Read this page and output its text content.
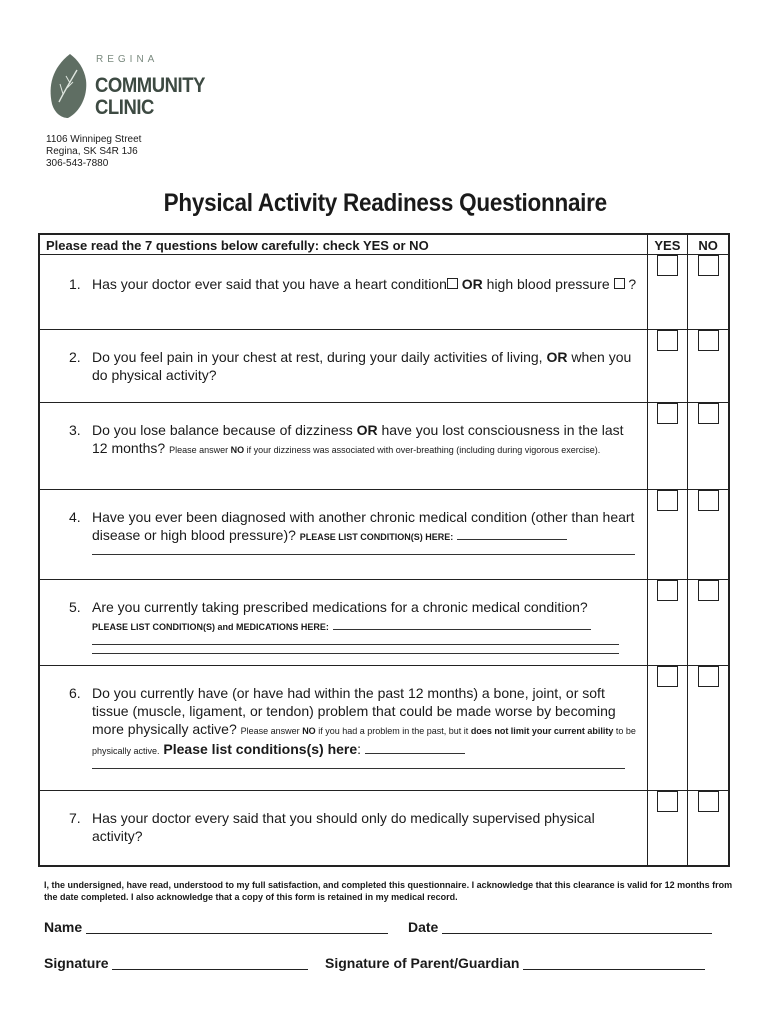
REGINA
COMMUNITY
CLINIC
1106 Winnipeg Street
Regina, SK S4R 1J6
306-543-7880
Physical Activity Readiness Questionnaire
Please read the 7 questions below carefully: check YES or NO	YES	NO

1. Has your doctor ever said that you have a heart condition OR high blood pressure ?		

2. Do you feel pain in your chest at rest, during your daily activities of living, OR when you do physical activity?		

3. Do you lose balance because of dizziness OR have you lost consciousness in the last 12 months? Please answer NO if your dizziness was associated with over-breathing (including during vigorous exercise).		

4. Have you ever been diagnosed with another chronic medical condition (other than heart disease or high blood pressure)? PLEASE LIST CONDITION(S) HERE:		

5. Are you currently taking prescribed medications for a chronic medical condition?
PLEASE LIST CONDITION(S) and MEDICATIONS HERE:		

6. Do you currently have (or have had within the past 12 months) a bone, joint, or soft tissue (muscle, ligament, or tendon) problem that could be made worse by becoming more physically active? Please answer NO if you had a problem in the past, but it does not limit your current ability to be physically active. Please list conditions(s) here:		

7. Has your doctor every said that you should only do medically supervised physical activity?		

I, the undersigned, have read, understood to my full satisfaction, and completed this questionnaire. I acknowledge that this clearance is valid for 12 months from the date completed. I also acknowledge that a copy of this form is retained in my medical record.
Name	Date
Signature	Signature of Parent/Guardian
